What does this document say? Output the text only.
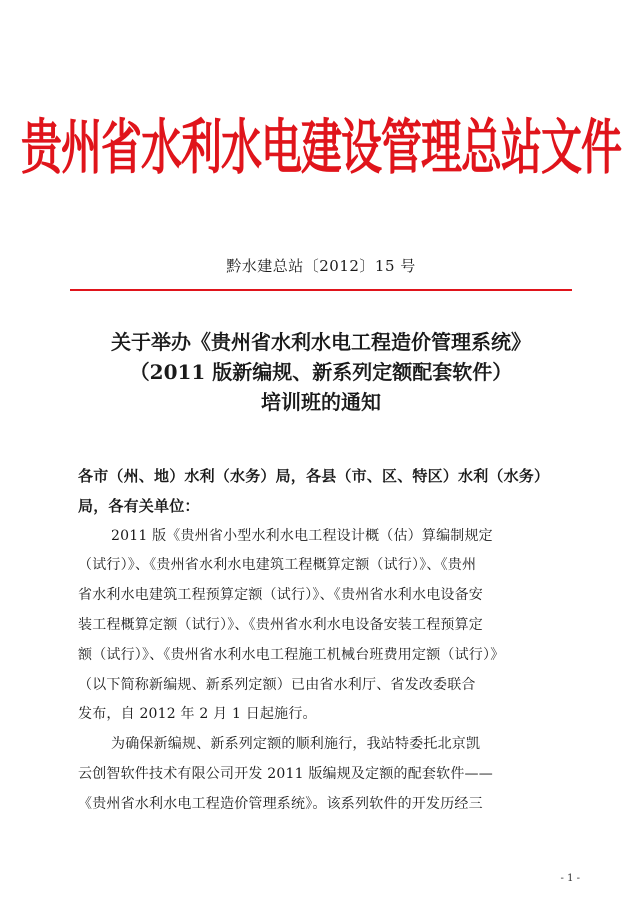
贵州省水利水电建设管理总站文件
黔水建总站〔2012〕15 号
关于举办《贵州省水利水电工程造价管理系统》
（2011 版新编规、新系列定额配套软件）
培训班的通知
各市（州、地）水利（水务）局，各县（市、区、特区）水利（水务）
局，各有关单位：
2011 版《贵州省小型水利水电工程设计概（估）算编制规定
（试行）》、《贵州省水利水电建筑工程概算定额（试行）》、《贵州
省水利水电建筑工程预算定额（试行）》、《贵州省水利水电设备安
装工程概算定额（试行）》、《贵州省水利水电设备安装工程预算定
额（试行）》、《贵州省水利水电工程施工机械台班费用定额（试行）》
（以下简称新编规、新系列定额）已由省水利厅、省发改委联合
发布，自 2012 年 2 月 1 日起施行。
为确保新编规、新系列定额的顺利施行，我站特委托北京凯
云创智软件技术有限公司开发 2011 版编规及定额的配套软件——
《贵州省水利水电工程造价管理系统》。该系列软件的开发历经三
- 1 -
